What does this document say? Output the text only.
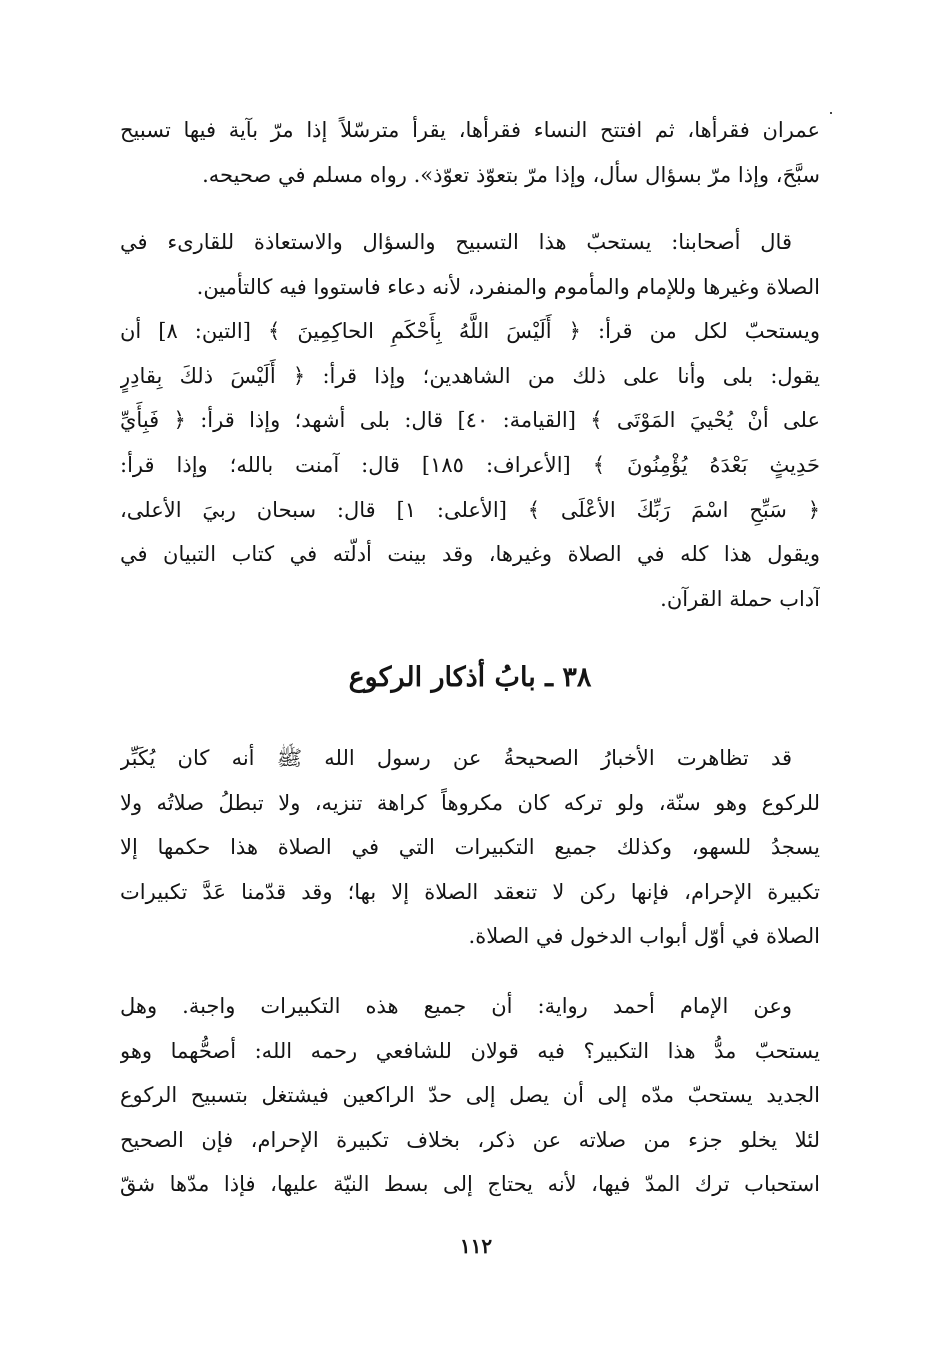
عمران فقرأها، ثم افتتح النساء فقرأها، يقرأ مترسّلاً إذا مرّ بآية فيها تسبيح
سبَّحَ، وإذا مرّ بسؤال سأل، وإذا مرّ بتعوّذ تعوّذ». رواه مسلم في صحيحه.
قال أصحابنا: يستحبّ هذا التسبيح والسؤال والاستعاذة للقارىء في
الصلاة وغيرها وللإمام والمأموم والمنفرد، لأنه دعاء فاستووا فيه كالتأمين.
ويستحبّ لكل من قرأ: ﴿ أَلَيْسَ اللَّهُ بِأَحْكَمِ الحاكِمِينَ ﴾ [التين: ٨] أن
يقول: بلى وأنا على ذلك من الشاهدين؛ وإذا قرأ: ﴿ أَلَيْسَ ذلكَ بِقادِرٍ
على أنْ يُحْييَ المَوْتَى ﴾ [القيامة: ٤٠] قال: بلى أشهد؛ وإذا قرأ: ﴿ فَبِأَيِّ
حَدِيثٍ بَعْدَهُ يُؤْمِنُونَ ﴾ [الأعراف: ١٨٥] قال: آمنت بالله؛ وإذا قرأ:
﴿ سَبِّحِ اسْمَ رَبِّكَ الأعْلَى ﴾ [الأعلى: ١] قال: سبحان ربيَ الأعلى،
ويقول هذا كله في الصلاة وغيرها، وقد بينت أدلّته في كتاب التبيان في
آداب حملة القرآن.
٣٨ ـ بابُ أذكار الركوع
قد تظاهرت الأخبارُ الصحيحةُ عن رسول الله ﷺ أنه كان يُكَبِّر
للركوع وهو سنّة، ولو تركه كان مكروهاً كراهة تنزيه، ولا تبطلُ صلاتُه ولا
يسجدُ للسهو، وكذلك جميع التكبيرات التي في الصلاة هذا حكمها إلا
تكبيرة الإحرام، فإنها ركن لا تنعقد الصلاة إلا بها؛ وقد قدّمنا عَدَّ تكبيرات
الصلاة في أوّل أبواب الدخول في الصلاة.
وعن الإمام أحمد رواية: أن جميع هذه التكبيرات واجبة. وهل
يستحبّ مدُّ هذا التكبير؟ فيه قولان للشافعي رحمه الله: أصحُّهما وهو
الجديد يستحبّ مدّه إلى أن يصل إلى حدّ الراكعين فيشتغل بتسبيح الركوع
لئلا يخلو جزء من صلاته عن ذكر، بخلاف تكبيرة الإحرام، فإن الصحيح
استحباب ترك المدّ فيها، لأنه يحتاج إلى بسط النيّة عليها، فإذا مدّها شقّ
١١٢
